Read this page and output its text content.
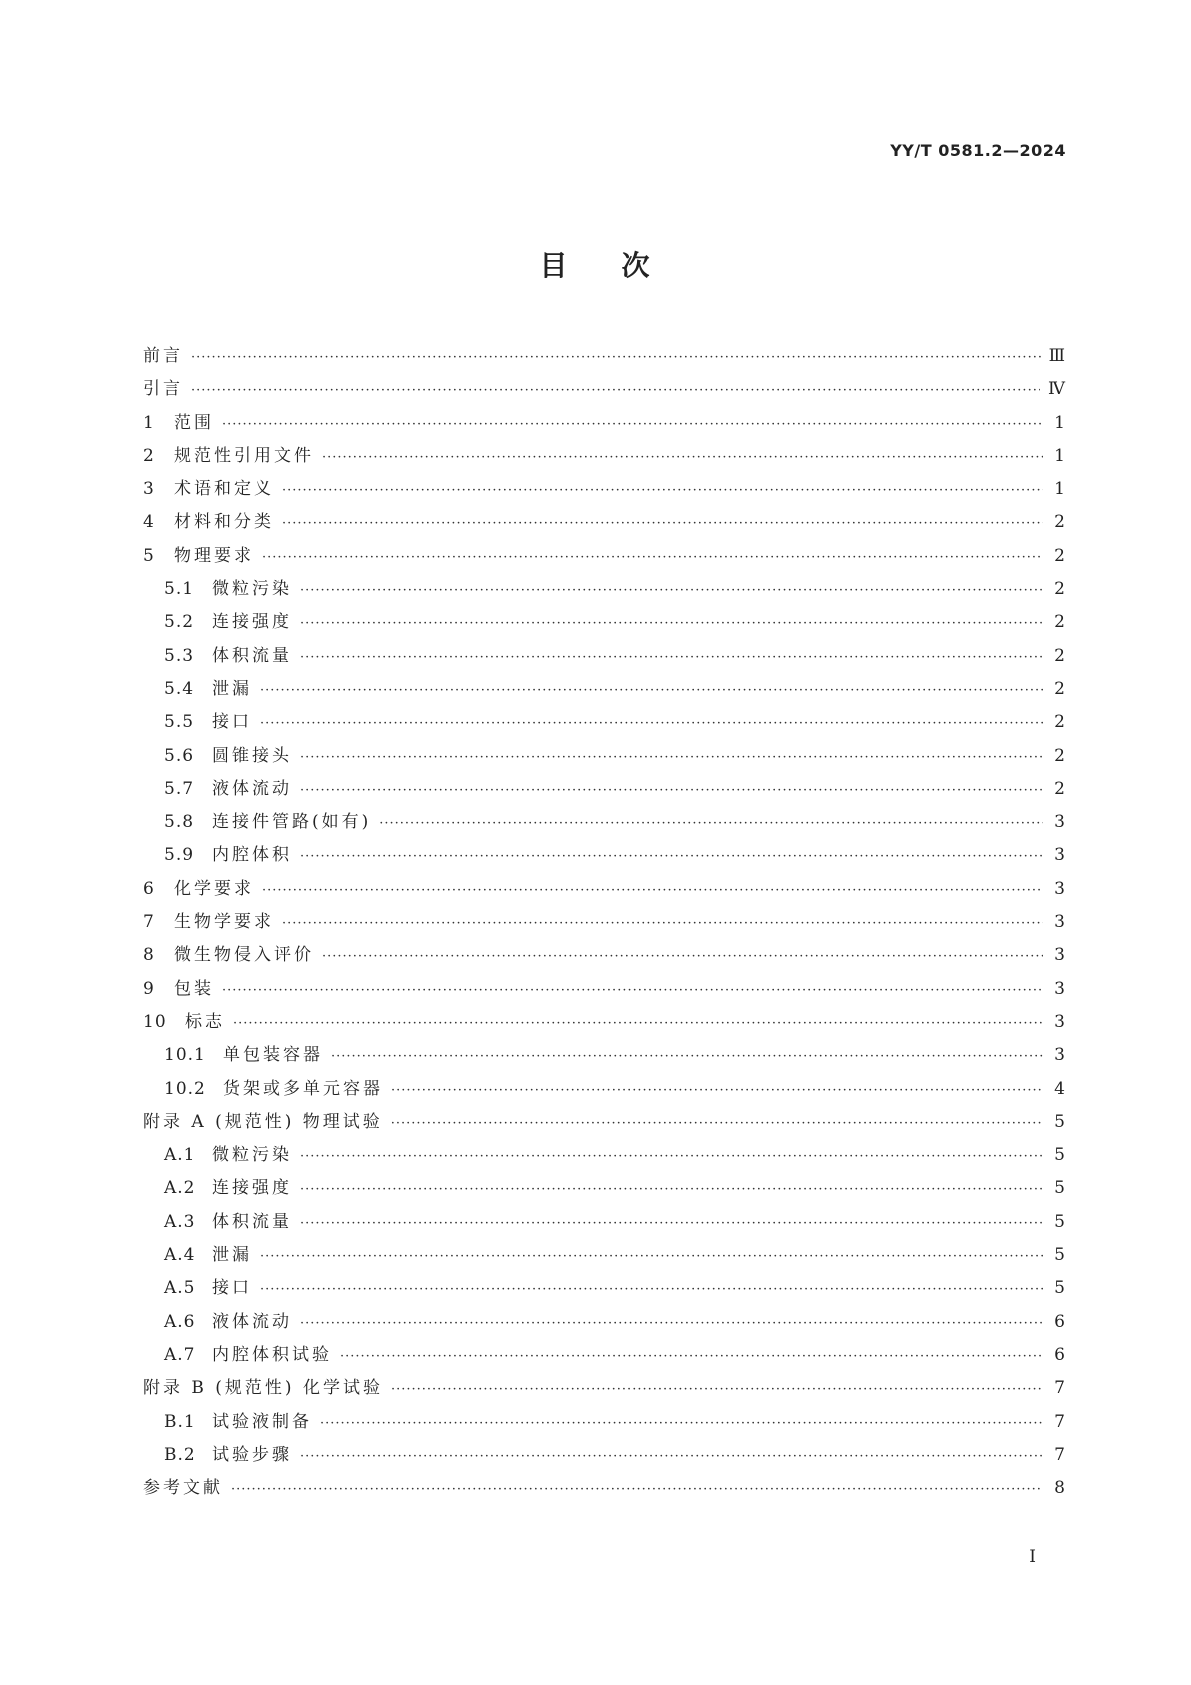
YY/T 0581.2—2024
目 次
前言 ·····	Ⅲ
引言 ·····	Ⅳ
1	范围 ·····	1
2	规范性引用文件 ·····	1
3	术语和定义 ·····	1
4	材料和分类 ·····	2
5	物理要求 ·····	2
5.1	微粒污染 ·····	2
5.2	连接强度 ·····	2
5.3	体积流量 ·····	2
5.4	泄漏 ·····	2
5.5	接口 ·····	2
5.6	圆锥接头 ·····	2
5.7	液体流动 ·····	2
5.8	连接件管路(如有) ·····	3
5.9	内腔体积 ·····	3
6	化学要求 ·····	3
7	生物学要求 ·····	3
8	微生物侵入评价 ·····	3
9	包装 ·····	3
10	标志 ·····	3
10.1	单包装容器 ·····	3
10.2	货架或多单元容器 ·····	4
附录 A (规范性) 物理试验 ·····	5
A.1 微粒污染 ·····	5
A.2 连接强度 ·····	5
A.3 体积流量 ·····	5
A.4 泄漏 ·····	5
A.5 接口 ·····	5
A.6 液体流动 ·····	6
A.7 内腔体积试验 ·····	6
附录 B (规范性) 化学试验 ·····	7
B.1 试验液制备 ·····	7
B.2 试验步骤 ·····	7
参考文献 ·····	8
I
